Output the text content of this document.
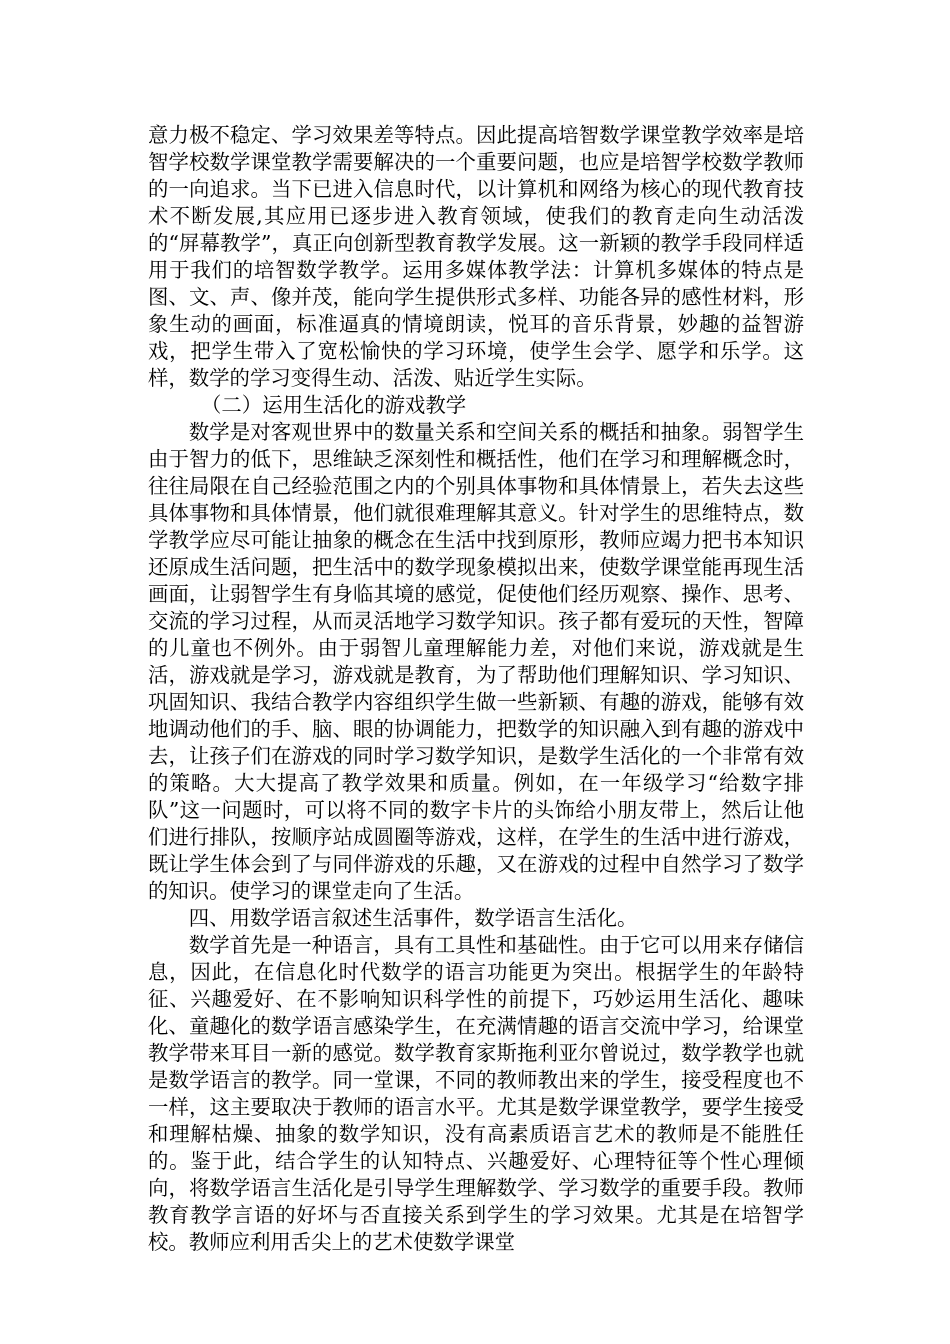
意力极不稳定、学习效果差等特点。因此提高培智数学课堂教学效率是培智学校数学课堂教学需要解决的一个重要问题，也应是培智学校数学教师的一向追求。当下已进入信息时代，以计算机和网络为核心的现代教育技术不断发展,其应用已逐步进入教育领域，使我们的教育走向生动活泼的“屏幕教学”，真正向创新型教育教学发展。这一新颖的教学手段同样适用于我们的培智数学教学。运用多媒体教学法：计算机多媒体的特点是图、文、声、像并茂，能向学生提供形式多样、功能各异的感性材料，形象生动的画面，标准逼真的情境朗读，悦耳的音乐背景，妙趣的益智游戏，把学生带入了宽松愉快的学习环境，使学生会学、愿学和乐学。这样，数学的学习变得生动、活泼、贴近学生实际。

（二）运用生活化的游戏教学

数学是对客观世界中的数量关系和空间关系的概括和抽象。弱智学生由于智力的低下，思维缺乏深刻性和概括性，他们在学习和理解概念时，往往局限在自己经验范围之内的个别具体事物和具体情景上，若失去这些具体事物和具体情景，他们就很难理解其意义。针对学生的思维特点，数学教学应尽可能让抽象的概念在生活中找到原形，教师应竭力把书本知识还原成生活问题，把生活中的数学现象模拟出来，使数学课堂能再现生活画面，让弱智学生有身临其境的感觉，促使他们经历观察、操作、思考、交流的学习过程，从而灵活地学习数学知识。孩子都有爱玩的天性，智障的儿童也不例外。由于弱智儿童理解能力差，对他们来说，游戏就是生活，游戏就是学习，游戏就是教育，为了帮助他们理解知识、学习知识、巩固知识、我结合教学内容组织学生做一些新颖、有趣的游戏，能够有效地调动他们的手、脑、眼的协调能力，把数学的知识融入到有趣的游戏中去，让孩子们在游戏的同时学习数学知识，是数学生活化的一个非常有效的策略。大大提高了教学效果和质量。例如，在一年级学习“给数字排队”这一问题时，可以将不同的数字卡片的头饰给小朋友带上，然后让他们进行排队，按顺序站成圆圈等游戏，这样，在学生的生活中进行游戏，既让学生体会到了与同伴游戏的乐趣，又在游戏的过程中自然学习了数学的知识。使学习的课堂走向了生活。

四、用数学语言叙述生活事件，数学语言生活化。

数学首先是一种语言，具有工具性和基础性。由于它可以用来存储信息，因此，在信息化时代数学的语言功能更为突出。根据学生的年龄特征、兴趣爱好、在不影响知识科学性的前提下，巧妙运用生活化、趣味化、童趣化的数学语言感染学生，在充满情趣的语言交流中学习，给课堂教学带来耳目一新的感觉。数学教育家斯拖利亚尔曾说过，数学教学也就是数学语言的教学。同一堂课，不同的教师教出来的学生，接受程度也不一样，这主要取决于教师的语言水平。尤其是数学课堂教学，要学生接受和理解枯燥、抽象的数学知识，没有高素质语言艺术的教师是不能胜任的。鉴于此，结合学生的认知特点、兴趣爱好、心理特征等个性心理倾向，将数学语言生活化是引导学生理解数学、学习数学的重要手段。教师教育教学言语的好坏与否直接关系到学生的学习效果。尤其是在培智学校。教师应利用舌尖上的艺术使数学课堂
